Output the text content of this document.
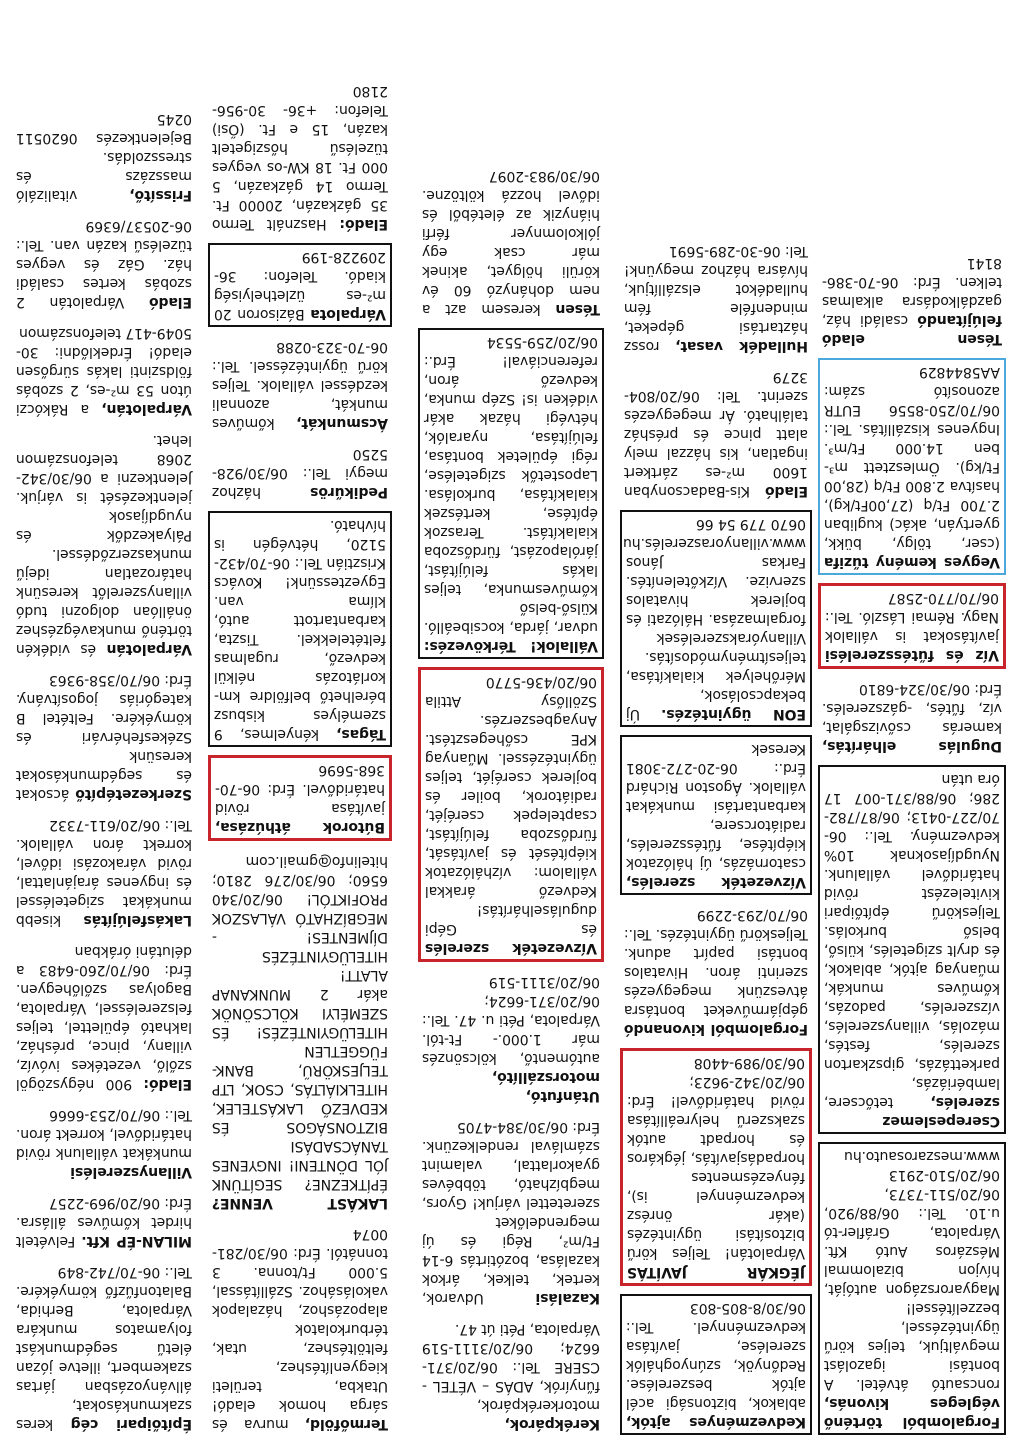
Építőipari cég keres szakmunkásokat, állványozásban jártas szakembert, illetve józan életű segédmunkást folyamatos munkára Várpalota, Berhida, Balatonfűzfő környékére. Tel.: 06-70/742-849
MILAN-ÉP Kft. Felvételt hirdet kőműves állásra. Érd: 06/20/969-2257
Villanyszerelési munkákat vállalunk rövid határidővel, korrekt áron. Tel.: 06/70/253-6666
Eladó: 900 négyszögöl szőlő, vezetékes ivóvíz, villany, pince, présház, lakható épülettel, teljes felszereléssel, Várpalota, Bagolyas szőlőhegyen. Érd: 06/70/260-6483 a délutáni órákban
Lakásfelújítás kisebb munkákat szigeteléssel és ingyenes árajánlattal, rövid várakozási idővel, korrekt áron vállalok. Tel.: 06/20/611-7332
Szerkezetépítő ácsokat és segédmunkásokat keresünk Székesfehérvári és környékére. Feltétel B kategóriás jogosítvány. Érd: 06/70/358-9363
Várpalotán és vidékén történő munkavégzéshez önállóan dolgozni tudó villanyszerelőt keresünk határozatlan idejű munkaszerződéssel. Pályakezdők és nyugdíjasok jelentkezését is várjuk. Jelentkezni a 06/30/342-2068 telefonszámon lehet.
Várpalotán, a Rákóczi úton 53 m²-es, 2 szobás földszinti lakás sürgősen eladó! Érdeklődni: 30-5049-417 telefonszámon
Eladó Várpalotán 2 szobás kertes családi ház. Gáz és vegyes tüzelésű kazán van. Tel.: 06-20537/6369
Frissítő, vitalizáló masszázs és stresszoldás. Bejelentkezés 0620511 0245
Termőföld, murva és sárga homok eladó! Utakba, területi kiegyenlítéshez, feltöltéshez, utak, térburkolatok alapozáshoz, házalapok vakolásához. Szállítással, 5.000 Ft/tonna. 3 tonnától. Érd: 06/30/281-0074
LAKÁST VENNE? ÉPÍTKEZNE? SEGÍTÜNK JÓL DÖNTENI! INGYENES TANÁCSADÁSI BIZTONSÁGOS ÉS KEDVEZŐ LAKÁSTELEK, HITELKIÁLTÁS, CSOK, LTP TELJESKÖRŰ, BANK-FÜGGETLEN HITELÜGYINTÉZÉS! ÉS SZEMÉLYI KÖLCSÖNÖK akár 2 MUNKANAP ALATT! HITELÜGYINTÉZÉS DÍJMENTES! - MEGBÍZHATÓ VÁLASZOK PROFIKTÓL! 06/20/340 6560; 06/30/276 2810; hitelinfo@gmail.com
Bútorok áthúzása, javítása rövid határidővel. Érd: 06-70-368-5696
Tágas, kényelmes, 9 személyes kisbusz bérelhető belföldre km-korlátozás nélkül kedvező, rugalmas feltételekkel. Tiszta, karbantartott autó, klíma van. Egyeztessünk! Kovács Krisztián Tel.: 06-70/432-5120, hétvégén is hívható.
Pedikűrös házhoz megyi Tel.: 06/30/928-5250
Ácsmunkát, kőműves munkát, azonnali kezdéssel vállalok. Teljes körű ügyintézéssel. Tel.: 06-70-323-0288
Várpalota Bázisoron 20 m²-es üzlethelyiség kiadó. Telefon: 36-209228-199
Eladó: Használt Termo 35 gázkazán, 20000 Ft. Termo 14 gázkazán, 5 000 Ft. 18 KW-os vegyes tüzelésű hőszigetelt kazán, 15 e Ft. (Ősi) Telefon: +36- 30-956-2180
Kerékpárok, motorkerékpárok, fűnyírók, ADÁS – VÉTEL - CSERE Tel.: 06/20/371-6624; 06/20/3111-519 Várpalota, Péti út 47.
Kazalási Udvarok, kertek, telkek, árkok kazalása, bozótirtás 6-14 Ft/m², Régi és új megrendelőket szeretettel várjuk! Gyors, megbízható, többéves gyakorlattal, valamint számlával rendelkezünk. Érd: 06/30/384-4705
Utánfutó, motorszállító, autómentő, kölcsönzés már 1.000.- Ft-tól. Várpalota, Péti u. 47. Tel.: 06/20/371-6624; 06/20/3111-519
Vízvezeték szerelés és Gépi duguláselhárítás! Kedvező árakkal vállalom: vízhálózatok kiépítését és javítását, fürdőszoba felújítást, csaptelepek cseréjét, radiátorok, boiler és bojlerek cseréjét, teljes ügyintézéssel. Műanyag KPE csőhegesztést. Anyagbeszerzés. Szöllősy Attila 06/20/436-5770
Vállalok! Térkövezés: udvar, járda, kocsibeálló. Külső-belső kőművesmunka, teljes lakás felújítást, járólapozást, fürdőszoba kialakítást. Teraszok építése, kertészek kialakítása, burkolása. Lapostetők szigetelése, régi épületek bontása, felújítása, nyaralók, hétvégi házak akár vidéken is! Szép munka, kedvező áron, referenciával! Érd.: 06/20/259-5534
Tésen keresem azt a nem dohányzó 60 év körüli hölgyet, akinek már csak egy jólkolomnyer férfi hiányzik az életéből és idővel hozzá költözne. 06/30/983-2097
Kedvezményes ajtók, ablakok, biztonsági acél ajtók beszerelése. Redőnyök, szúnyoghálók szerelése, javítása kedvezménnyel. Tel.: 06/30/8-805-803
JÉGKÁR JAVÍTÁS Várpalotán! Teljes körű biztosítási ügyintézés (akár önrész kedvezménnyel is), fényezésmentes horpadásjavítás, jégkáros és horpadt autók szakszerű helyreállítása rövid határidővel! Érd: 06/20/342-9623; 06/30/989-4408
Forgalomból kivonandó gépjárműveket bontásra átveszünk megegyezés szerinti áron. Hivatalos bontási papírt adunk. Teljeskörű ügyintézés. Tel.: 06/70/293-2299
Vízvezeték szerelés, csatornázás, új hálózatok kiépítése, fűtésszerelés, radiátorcsere, karbantartási munkákat vállalok. Ágoston Richárd Érd.: 06-20-272-3081 Keresek
EON ügyintézés. Új bekapcsolások, Mérőhelyek kialakítása, teljesítménymódosítás. Villanyórakszerelések forgalmazása. Hálózati és bojlerek hivatalos szervize. Vízkőtelenítés. Farkas János www.villanyoraszerelés.hu 0670 779 54 66
Eladó Kis-Badacsonyban 1600 m²-es zártkert ingatlan, kis házzal mely alatt pince és présház található. Ár megegyezés szerint. Tel: 06/20/804-3279
Hulladék vasat, rossz háztartási gépeket, mindenféle fém hulladékot elszállítjuk, hívásra házhoz megyünk! Tel: 06-30-289-5691
Forgalomból történő végleges kivonás, roncsautó átvétel. A bontási igazolást megváltjuk, teljes körű ügyintézéssel, bezzelítéssel! Magyarországon autóját, hívjon bizalommal Mészáros Autó Kft. Várpalota, Gráfler-tó u.10. Tel.: 06/88/920, 06/20/511-7373, 06/20/510-2913 www.meszarosauto.hu
Cserepeslemez szerelés, tetőcsere, lambériázás, parkettázás, gipszkarton szerelés, festés, mázolás, villanyszerelés, vízszerelés, padozás, kőműves munkák, műanyag ajtók, ablakok, és drylt szigetelés, külső, belső burkolás. Teljeskörű építőipari kivitelezést rövid határidővel vállalunk. Nyugdíjasoknak 10% kedvezmény. Tel.: 06-70/227-0413; 06/87/782-286; 06/88/371-007 17 óra után
Dugulás elhárítás, kamerás csővizsgálat, víz, fűtés, -gázszerelés. Érd: 06/30/324-6810
Víz és fűtésszerelési javításokat is vállalok Nagy. Rémai László. Tel.: 06/70/770-2587
Vegyes kemény tűzifa (cser, tölgy, bükk, gyertyán, akác) kugliban 2.700 Ft/q (27,00Ft/kg), hasítva 2.800 Ft/q (28,00 Ft/kg). Ömlesztett m³-ben 14.000 Ft/m³. Ingyenes kiszállítás. Tel.: 06/70/250-8556 EUTR azonosító szám: AA5844829
Tésen eladó felújítandó családi ház, gazdálkodásra alkalmas telken. Érd: 06-70-386-8141
